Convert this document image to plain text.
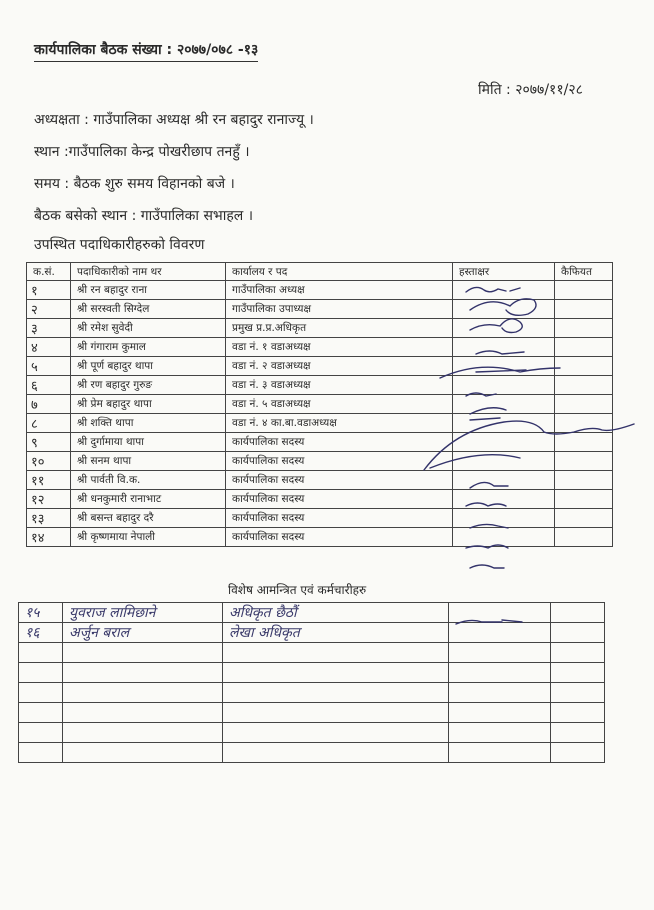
कार्यपालिका बैठक संख्या : २०७७/०७८ -१३
मिति : २०७७/११/२८
अध्यक्षता : गाउँपालिका अध्यक्ष श्री रन बहादुर रानाज्यू ।
स्थान :गाउँपालिका केन्द्र पोखरीछाप तनहुँ ।
समय : बैठक शुरु समय विहानको बजे ।
बैठक बसेको स्थान : गाउँपालिका सभाहल ।
उपस्थित पदाधिकारीहरुको विवरण
क.सं.	पदाधिकारीको नाम थर	कार्यालय र पद	हस्ताक्षर	कैफियत
१	श्री रन बहादुर राना	गाउँपालिका अध्यक्ष		
२	श्री सरस्वती सिग्देल	गाउँपालिका उपाध्यक्ष		
३	श्री रमेश सुवेदी	प्रमुख प्र.प्र.अधिकृत		
४	श्री गंगाराम कुमाल	वडा नं. १ वडाअध्यक्ष		
५	श्री पूर्ण बहादुर थापा	वडा नं. २ वडाअध्यक्ष		
६	श्री रण बहादुर गुरुङ	वडा नं. ३ वडाअध्यक्ष		
७	श्री प्रेम बहादुर थापा	वडा नं. ५ वडाअध्यक्ष		
८	श्री शक्ति थापा	वडा नं. ४ का.बा.वडाअध्यक्ष		
९	श्री दुर्गामाया थापा	कार्यपालिका सदस्य		
१०	श्री सनम थापा	कार्यपालिका सदस्य		
११	श्री पार्वती वि.क.	कार्यपालिका सदस्य		
१२	श्री धनकुमारी रानाभाट	कार्यपालिका सदस्य		
१३	श्री बसन्त बहादुर दरै	कार्यपालिका सदस्य		
१४	श्री कृष्णमाया नेपाली	कार्यपालिका सदस्य		
विशेष आमन्त्रित एवं कर्मचारीहरु
१५	युवराज लामिछाने	अधिकृत छैठौं		
१६	अर्जुन बराल	लेखा अधिकृत		
